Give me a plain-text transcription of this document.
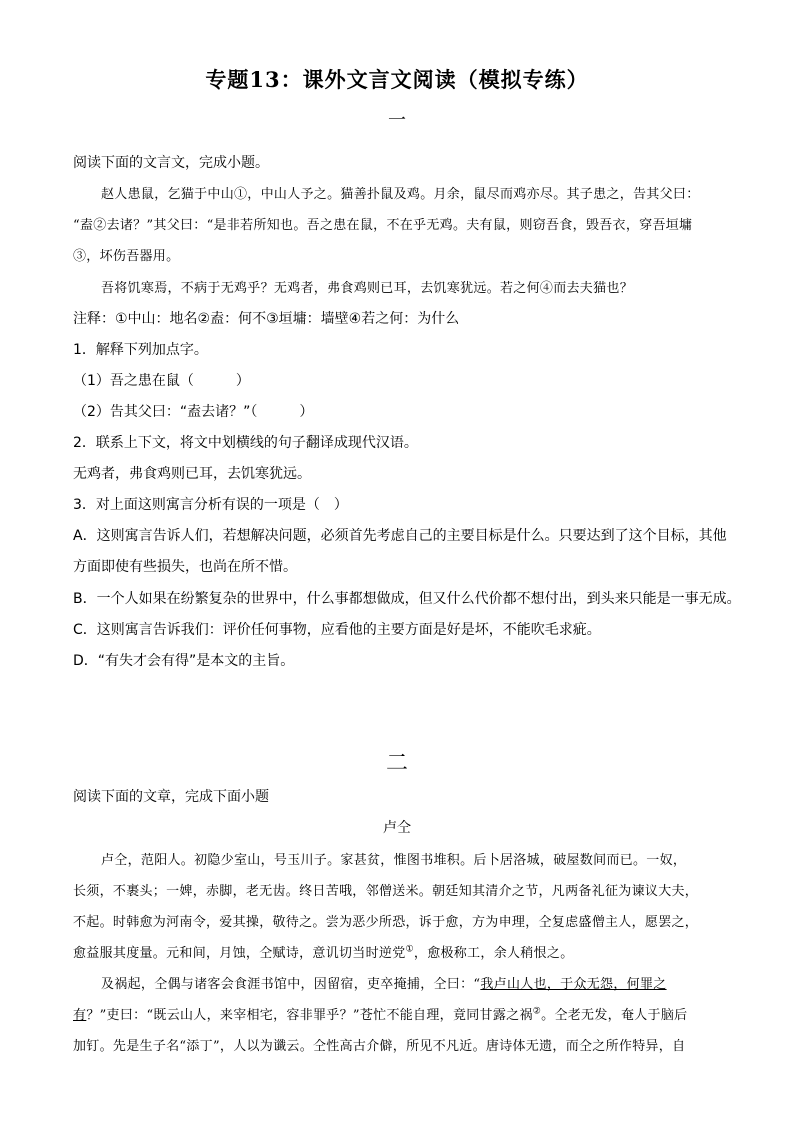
专题13：课外文言文阅读（模拟专练）
一
阅读下面的文言文，完成小题。
赵人患鼠，乞猫于中山①，中山人予之。猫善扑鼠及鸡。月余，鼠尽而鸡亦尽。其子患之，告其父曰：
“盍②去诸？”其父曰：“是非若所知也。吾之患在鼠，不在乎无鸡。夫有鼠，则窃吾食，毁吾衣，穿吾垣墉
③，坏伤吾器用。
吾将饥寒焉，不病于无鸡乎？无鸡者，弗食鸡则已耳，去饥寒犹远。若之何④而去夫猫也？
注释：①中山：地名②盍：何不③垣墉：墙壁④若之何：为什么
1．解释下列加点字。
（1）吾之患在鼠（　　　）
（2）告其父曰：“盍去诸？”（　　　）
2．联系上下文，将文中划横线的句子翻译成现代汉语。
无鸡者，弗食鸡则已耳，去饥寒犹远。
3．对上面这则寓言分析有误的一项是（　）
A．这则寓言告诉人们，若想解决问题，必须首先考虑自己的主要目标是什么。只要达到了这个目标，其他
方面即使有些损失，也尚在所不惜。
B．一个人如果在纷繁复杂的世界中，什么事都想做成，但又什么代价都不想付出，到头来只能是一事无成。
C．这则寓言告诉我们：评价任何事物，应看他的主要方面是好是坏，不能吹毛求疵。
D．“有失才会有得”是本文的主旨。
二
阅读下面的文章，完成下面小题
卢仝
卢仝，范阳人。初隐少室山，号玉川子。家甚贫，惟图书堆积。后卜居洛城，破屋数间而已。一奴，
长须，不裹头；一婢，赤脚，老无齿。终日苦哦，邻僧送米。朝廷知其清介之节，凡两备礼征为谏议大夫，
不起。时韩愈为河南令，爱其操，敬待之。尝为恶少所恐，诉于愈，方为申理，仝复虑盛僧主人，愿罢之，
愈益服其度量。元和间，月蚀，仝赋诗，意讥切当时逆党①，愈极称工，余人稍恨之。
及祸起，仝偶与诸客会食涯书馆中，因留宿，吏卒掩捕，仝曰：“我卢山人也，于众无怨，何罪之
有？”吏曰：“既云山人，来宰相宅，容非罪乎？”苍忙不能自理，竟同甘露之祸②。仝老无发，奄人于脑后
加钉。先是生子名“添丁”，人以为谶云。仝性高古介僻，所见不凡近。唐诗体无遗，而仝之所作特异，自
